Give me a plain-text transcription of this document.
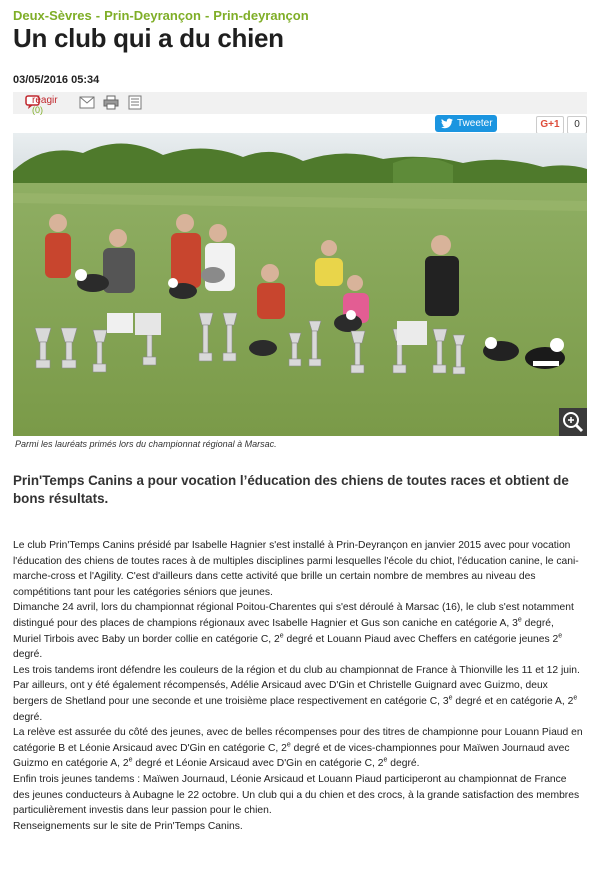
Deux-Sèvres - Prin-Deyrançon - Prin-deyrançon
Un club qui a du chien
03/05/2016 05:34
réagir
(0)
Tweeter	G+1	0
Parmi les lauréats primés lors du championnat régional à Marsac.
Prin'Temps Canins a pour vocation l’éducation des chiens de toutes races et obtient de bons résultats.

Le club Prin'Temps Canins présidé par Isabelle Hagnier s'est installé à Prin-Deyrançon en janvier 2015 avec pour vocation l'éducation des chiens de toutes races à de multiples disciplines parmi lesquelles l'école du chiot, l'éducation canine, le cani-marche-cross et l'Agility. C'est d'ailleurs dans cette activité que brille un certain nombre de membres au niveau des compétitions tant pour les catégories séniors que jeunes.

Dimanche 24 avril, lors du championnat régional Poitou-Charentes qui s'est déroulé à Marsac (16), le club s'est notamment distingué pour des places de champions régionaux avec Isabelle Hagnier et Gus son caniche en catégorie A, 3e degré, Muriel Tirbois avec Baby un border collie en catégorie C, 2e degré et Louann Piaud avec Cheffers en catégorie jeunes 2e degré.

Les trois tandems iront défendre les couleurs de la région et du club au championnat de France à Thionville les 11 et 12 juin. Par ailleurs, ont y été également récompensés, Adélie Arsicaud avec D'Gin et Christelle Guignard avec Guizmo, deux bergers de Shetland pour une seconde et une troisième place respectivement en catégorie C, 3e degré et en catégorie A, 2e degré.

La relève est assurée du côté des jeunes, avec de belles récompenses pour des titres de championne pour Louann Piaud en catégorie B et Léonie Arsicaud avec D'Gin en catégorie C, 2e degré et de vices-championnes pour Maïwen Journaud avec Guizmo en catégorie A, 2e degré et Léonie Arsicaud avec D'Gin en catégorie C, 2e degré.

Enfin trois jeunes tandems : Maïwen Journaud, Léonie Arsicaud et Louann Piaud participeront au championnat de France des jeunes conducteurs à Aubagne le 22 octobre. Un club qui a du chien et des crocs, à la grande satisfaction des membres particulièrement investis dans leur passion pour le chien.

Renseignements sur le site de Prin'Temps Canins.
